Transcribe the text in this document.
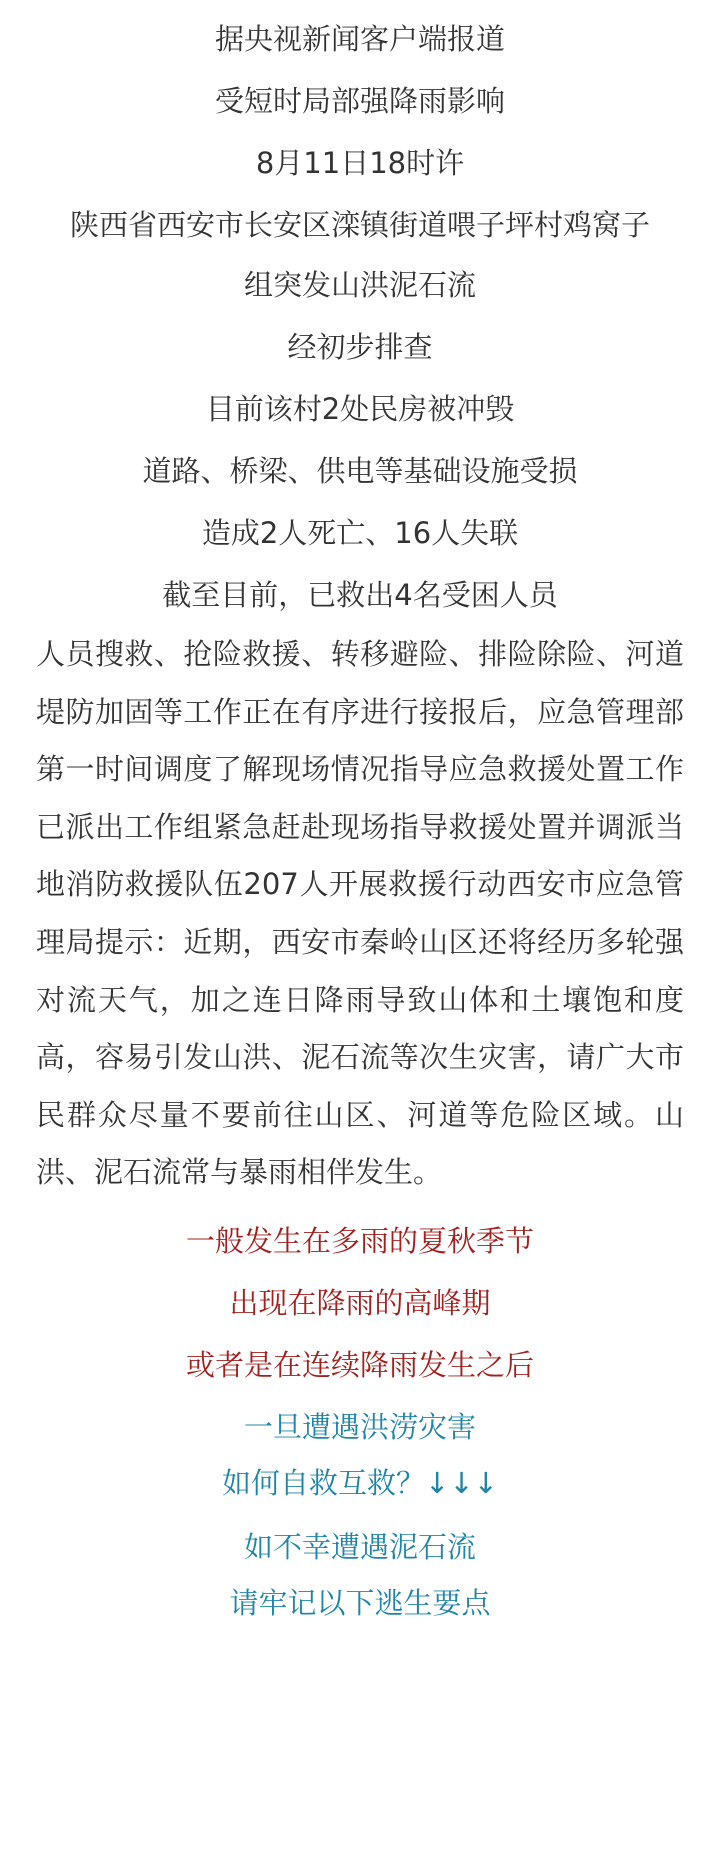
据央视新闻客户端报道

受短时局部强降雨影响

8月11日18时许

陕西省西安市长安区滦镇街道喂子坪村鸡窝子

组突发山洪泥石流

经初步排查

目前该村2处民房被冲毁

道路、桥梁、供电等基础设施受损

造成2人死亡、16人失联

截至目前，已救出4名受困人员

人员搜救、抢险救援、转移避险、排险除险、河道堤防加固等工作正在有序进行接报后，应急管理部第一时间调度了解现场情况指导应急救援处置工作已派出工作组紧急赶赴现场指导救援处置并调派当地消防救援队伍207人开展救援行动西安市应急管理局提示：近期，西安市秦岭山区还将经历多轮强对流天气，加之连日降雨导致山体和土壤饱和度高，容易引发山洪、泥石流等次生灾害，请广大市民群众尽量不要前往山区、河道等危险区域。山洪、泥石流常与暴雨相伴发生。

一般发生在多雨的夏秋季节

出现在降雨的高峰期

或者是在连续降雨发生之后

一旦遭遇洪涝灾害

如何自救互救？↓↓↓

如不幸遭遇泥石流

请牢记以下逃生要点
